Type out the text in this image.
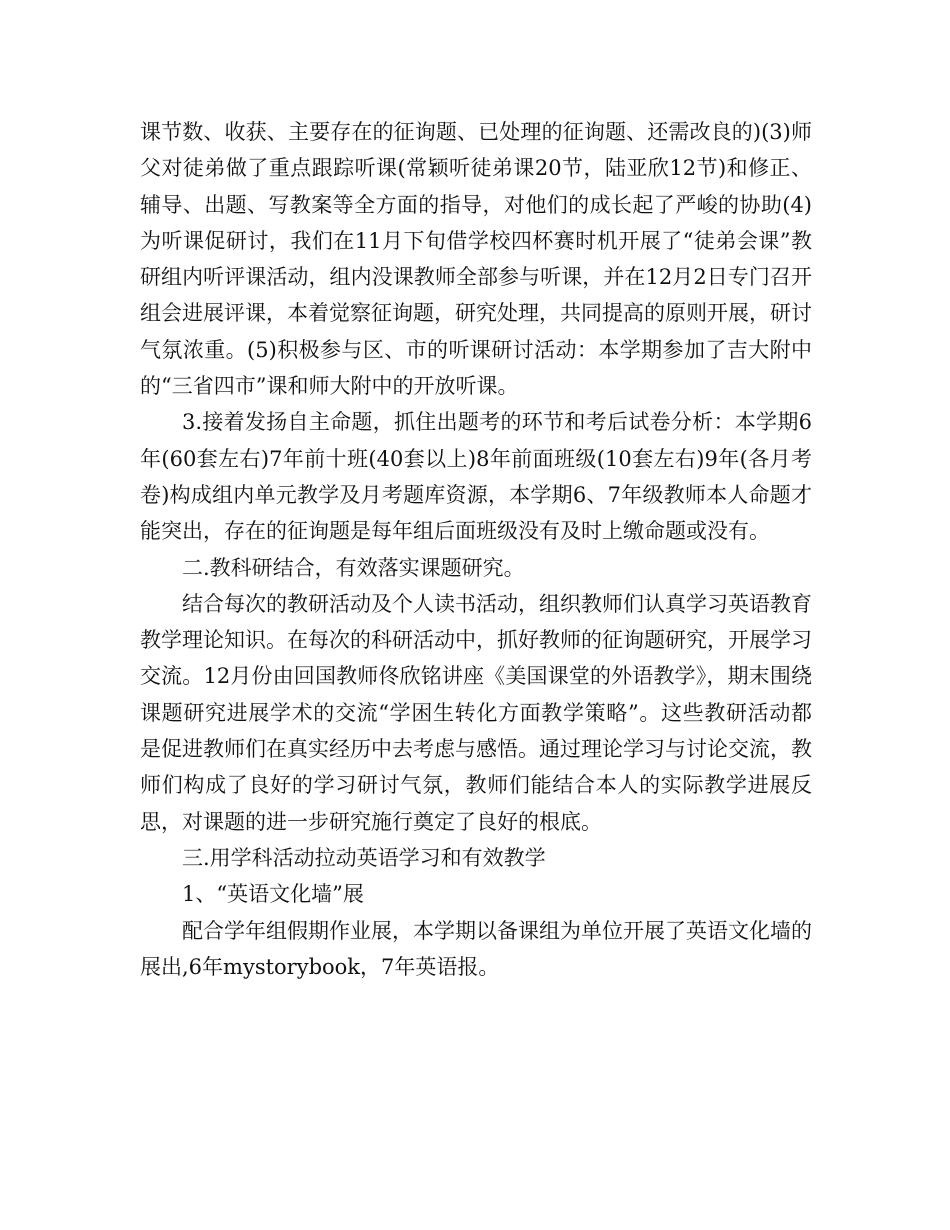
课节数、收获、主要存在的征询题、已处理的征询题、还需改良的)(3)师父对徒弟做了重点跟踪听课(常颖听徒弟课20节，陆亚欣12节)和修正、辅导、出题、写教案等全方面的指导，对他们的成长起了严峻的协助(4)为听课促研讨，我们在11月下旬借学校四杯赛时机开展了“徒弟会课”教研组内听评课活动，组内没课教师全部参与听课，并在12月2日专门召开组会进展评课，本着觉察征询题，研究处理，共同提高的原则开展，研讨气氛浓重。(5)积极参与区、市的听课研讨活动：本学期参加了吉大附中的“三省四市”课和师大附中的开放听课。

3.接着发扬自主命题，抓住出题考的环节和考后试卷分析：本学期6年(60套左右)7年前十班(40套以上)8年前面班级(10套左右)9年(各月考卷)构成组内单元教学及月考题库资源，本学期6、7年级教师本人命题才能突出，存在的征询题是每年组后面班级没有及时上缴命题或没有。

二.教科研结合，有效落实课题研究。

结合每次的教研活动及个人读书活动，组织教师们认真学习英语教育教学理论知识。在每次的科研活动中，抓好教师的征询题研究，开展学习交流。12月份由回国教师佟欣铭讲座《美国课堂的外语教学》，期末围绕课题研究进展学术的交流“学困生转化方面教学策略”。这些教研活动都是促进教师们在真实经历中去考虑与感悟。通过理论学习与讨论交流，教师们构成了良好的学习研讨气氛，教师们能结合本人的实际教学进展反思，对课题的进一步研究施行奠定了良好的根底。

三.用学科活动拉动英语学习和有效教学

1、“英语文化墙”展

配合学年组假期作业展，本学期以备课组为单位开展了英语文化墙的展出,6年mystorybook，7年英语报。
